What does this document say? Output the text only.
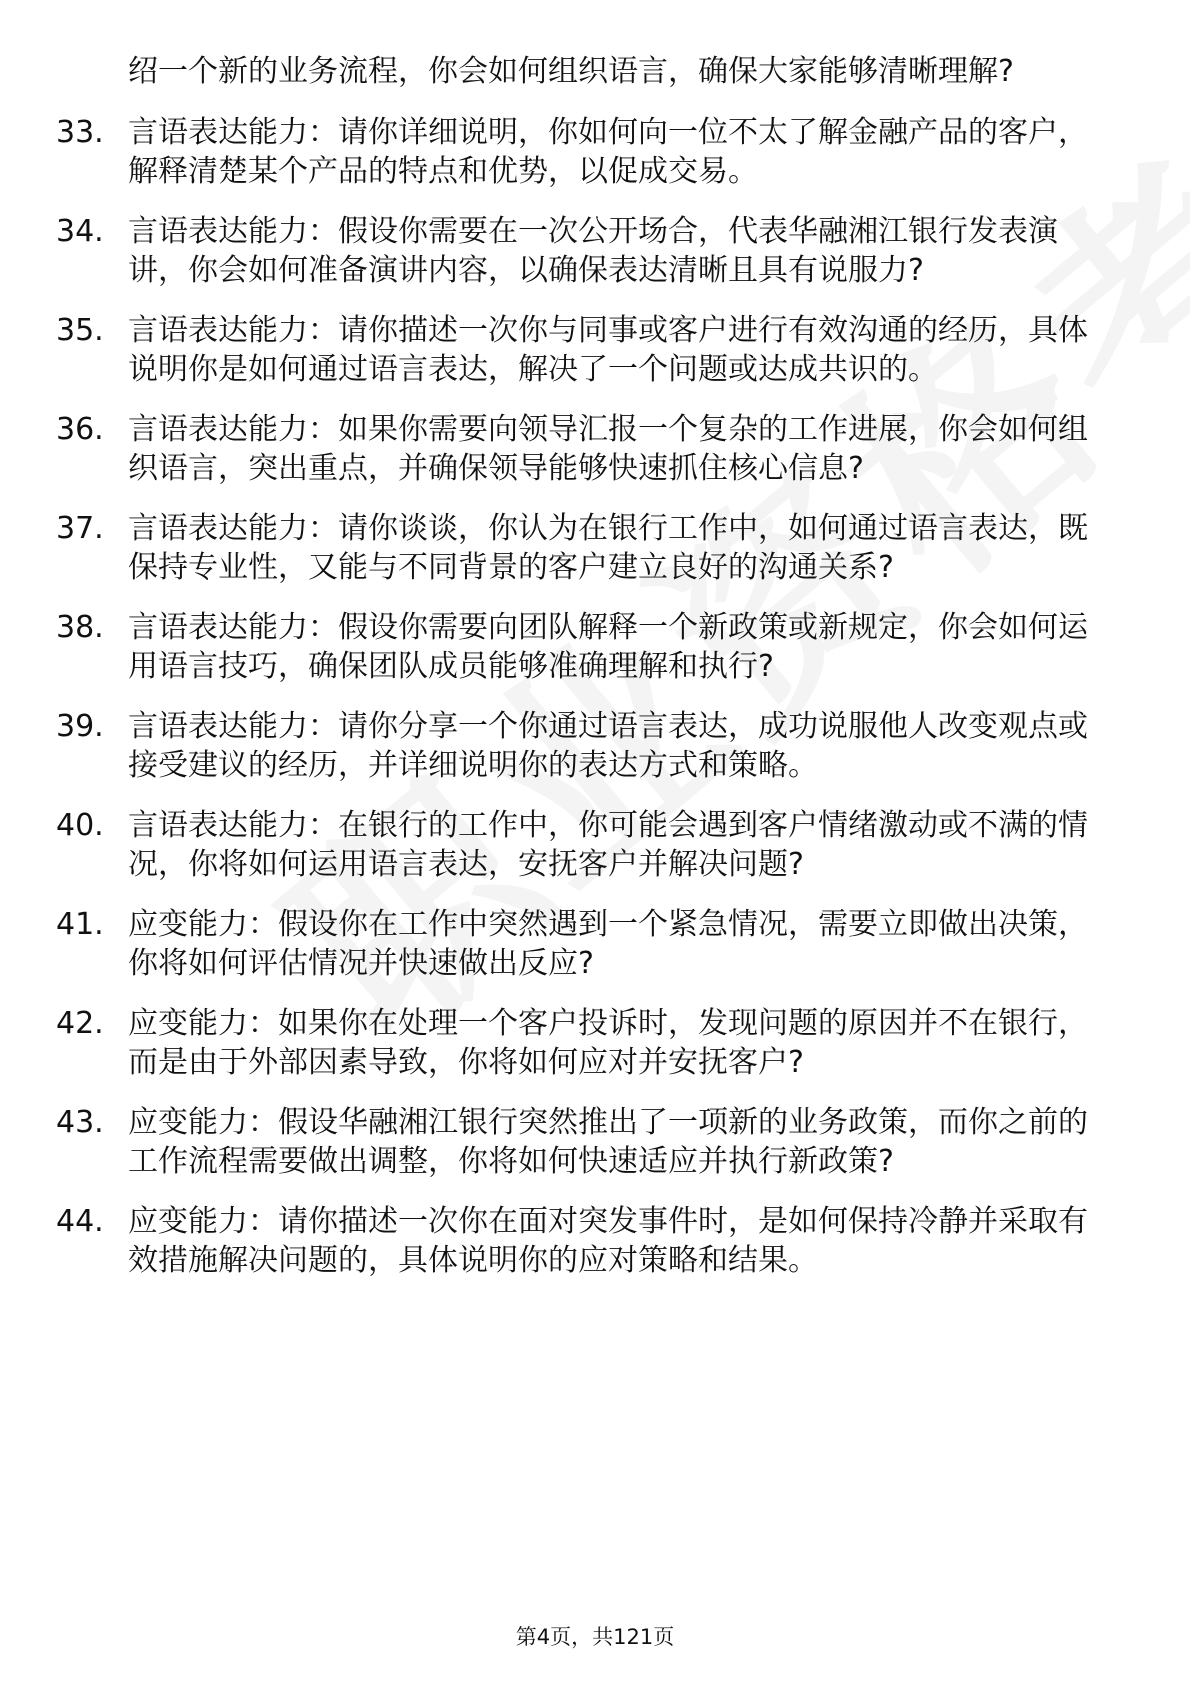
绍一个新的业务流程，你会如何组织语言，确保大家能够清晰理解?
33. 言语表达能力：请你详细说明，你如何向一位不太了解金融产品的客户，解释清楚某个产品的特点和优势，以促成交易。
34. 言语表达能力：假设你需要在一次公开场合，代表华融湘江银行发表演讲，你会如何准备演讲内容，以确保表达清晰且具有说服力?
35. 言语表达能力：请你描述一次你与同事或客户进行有效沟通的经历，具体说明你是如何通过语言表达，解决了一个问题或达成共识的。
36. 言语表达能力：如果你需要向领导汇报一个复杂的工作进展，你会如何组织语言，突出重点，并确保领导能够快速抓住核心信息?
37. 言语表达能力：请你谈谈，你认为在银行工作中，如何通过语言表达，既保持专业性，又能与不同背景的客户建立良好的沟通关系?
38. 言语表达能力：假设你需要向团队解释一个新政策或新规定，你会如何运用语言技巧，确保团队成员能够准确理解和执行?
39. 言语表达能力：请你分享一个你通过语言表达，成功说服他人改变观点或接受建议的经历，并详细说明你的表达方式和策略。
40. 言语表达能力：在银行的工作中，你可能会遇到客户情绪激动或不满的情况，你将如何运用语言表达，安抚客户并解决问题?
41. 应变能力：假设你在工作中突然遇到一个紧急情况，需要立即做出决策，你将如何评估情况并快速做出反应?
42. 应变能力：如果你在处理一个客户投诉时，发现问题的原因并不在银行，而是由于外部因素导致，你将如何应对并安抚客户?
43. 应变能力：假设华融湘江银行突然推出了一项新的业务政策，而你之前的工作流程需要做出调整，你将如何快速适应并执行新政策?
44. 应变能力：请你描述一次你在面对突发事件时，是如何保持冷静并采取有效措施解决问题的，具体说明你的应对策略和结果。
第4页，共121页
